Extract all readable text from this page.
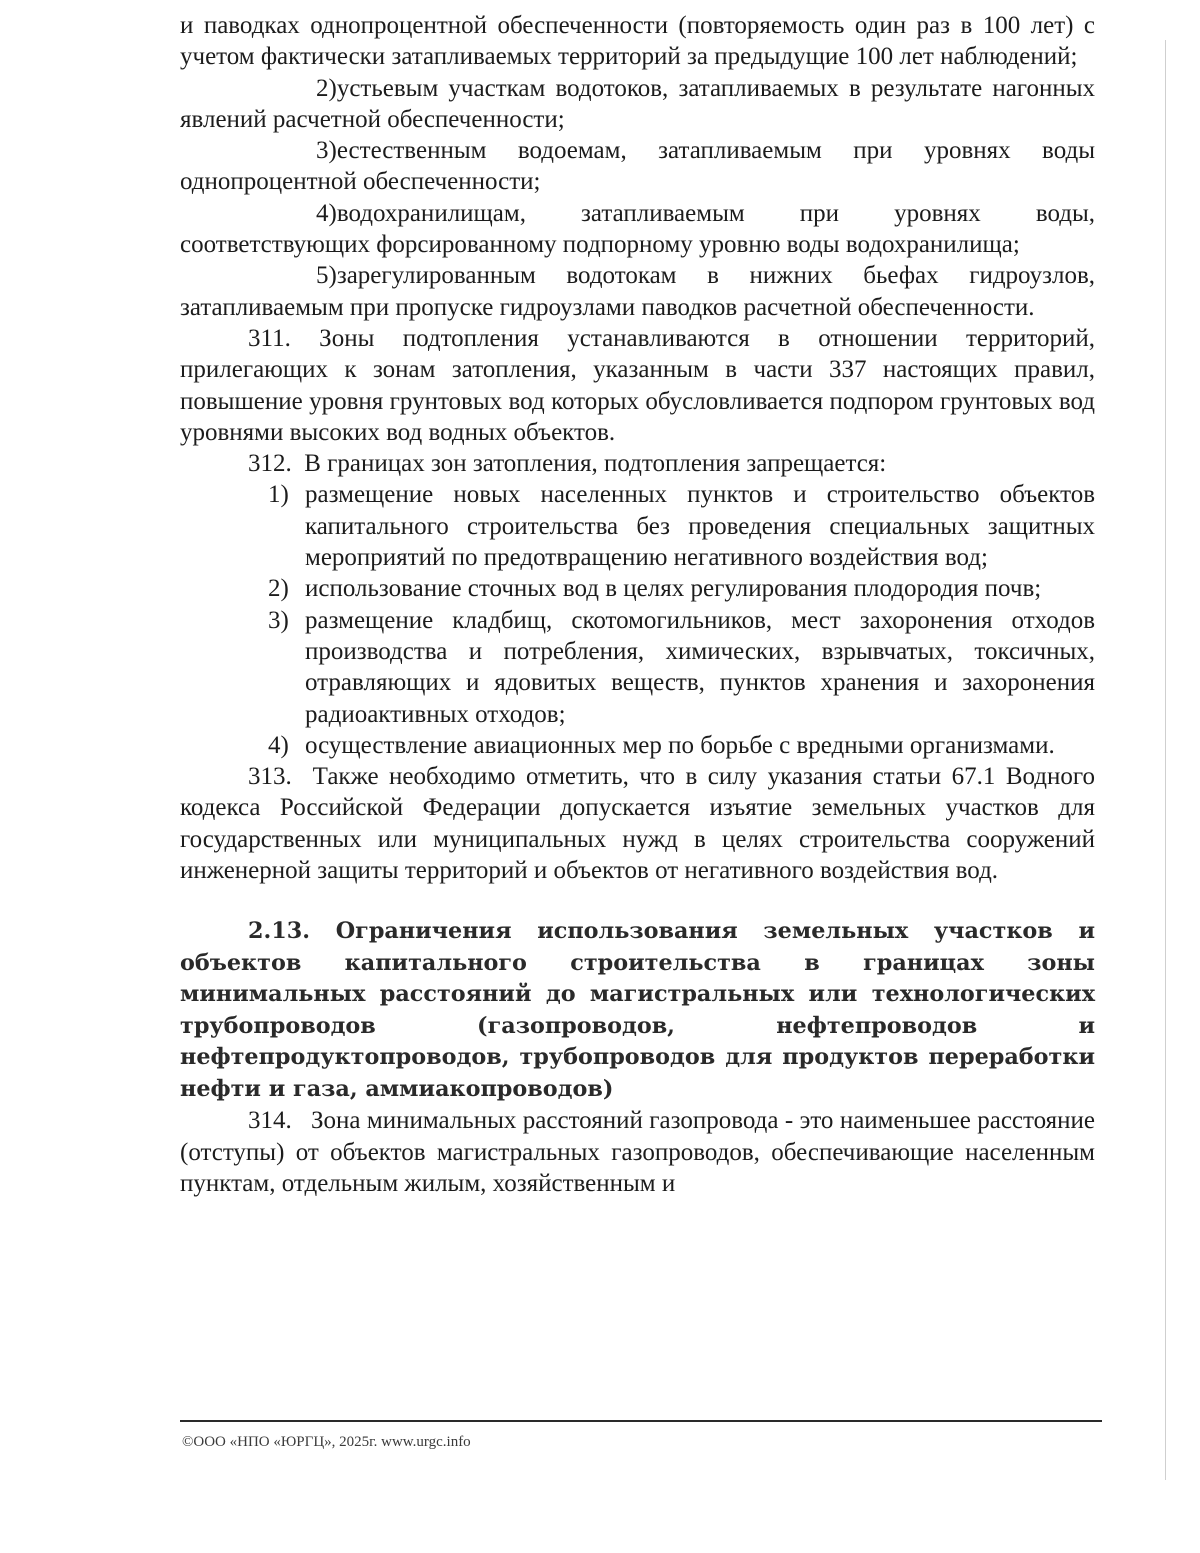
и паводках однопроцентной обеспеченности (повторяемость один раз в 100 лет) с учетом фактически затапливаемых территорий за предыдущие 100 лет наблюдений;

2)устьевым участкам водотоков, затапливаемых в результате нагонных явлений расчетной обеспеченности;

3)естественным водоемам, затапливаемым при уровнях воды однопроцентной обеспеченности;

4)водохранилищам, затапливаемым при уровнях воды, соответствующих форсированному подпорному уровню воды водохранилища;

5)зарегулированным водотокам в нижних бьефах гидроузлов, затапливаемым при пропуске гидроузлами паводков расчетной обеспеченности.

311. Зоны подтопления устанавливаются в отношении территорий, прилегающих к зонам затопления, указанным в части 337 настоящих правил, повышение уровня грунтовых вод которых обусловливается подпором грунтовых вод уровнями высоких вод водных объектов.

312. В границах зон затопления, подтопления запрещается:

1) размещение новых населенных пунктов и строительство объектов капитального строительства без проведения специальных защитных мероприятий по предотвращению негативного воздействия вод;
2) использование сточных вод в целях регулирования плодородия почв;
3) размещение кладбищ, скотомогильников, мест захоронения отходов производства и потребления, химических, взрывчатых, токсичных, отравляющих и ядовитых веществ, пунктов хранения и захоронения радиоактивных отходов;
4) осуществление авиационных мер по борьбе с вредными организмами.

313. Также необходимо отметить, что в силу указания статьи 67.1 Водного кодекса Российской Федерации допускается изъятие земельных участков для государственных или муниципальных нужд в целях строительства сооружений инженерной защиты территорий и объектов от негативного воздействия вод.

2.13. Ограничения использования земельных участков и объектов капитального строительства в границах зоны минимальных расстояний до магистральных или технологических трубопроводов (газопроводов, нефтепроводов и нефтепродуктопроводов, трубопроводов для продуктов переработки нефти и газа, аммиакопроводов)

314. Зона минимальных расстояний газопровода - это наименьшее расстояние (отступы) от объектов магистральных газопроводов, обеспечивающие населенным пунктам, отдельным жилым, хозяйственным и

©ООО «НПО «ЮРГЦ», 2025г. www.urgc.info
